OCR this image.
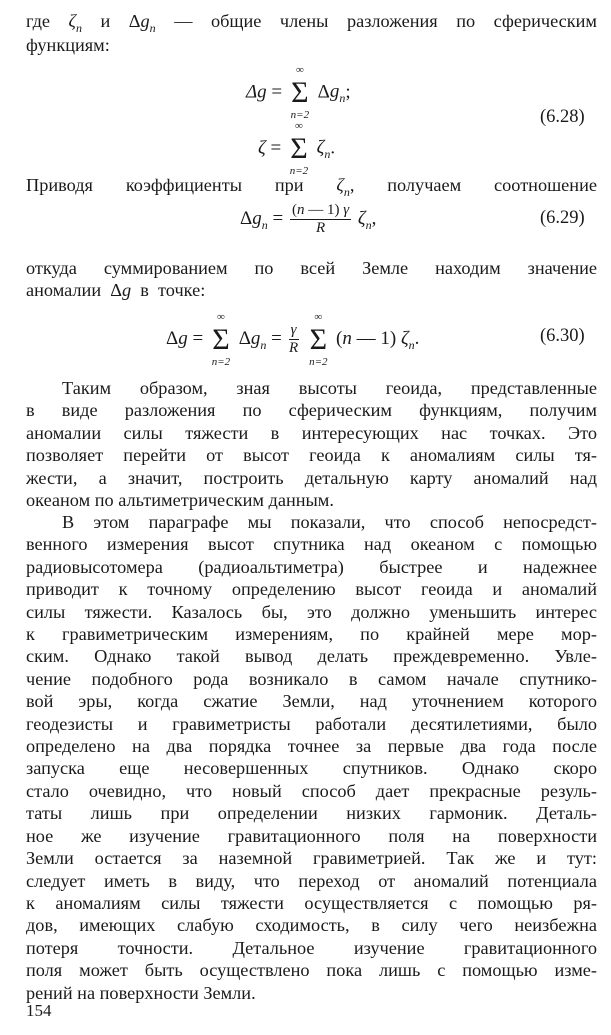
где $\zeta_n$ и $\Delta g_n$ — общие члены разложения по сферическим
функциям:
Δg =
∞
Σ
n=2
$\Delta g_n$;
ζ =
∞
Σ
n=2
$\zeta_n$.
(6.28)
Приводя коэффициенты при $\zeta_n$, получаем соотношение
$\Delta g_n = \frac{(n — 1) \gamma}{R} \zeta_n$,	(6.29)
откуда суммированием по всей Земле находим значение
аномалии  Δg  в  точке:
Δg =
∞
Σ
n=2
$\Delta g_n = \frac{\gamma}{R}$

∞
Σ
n=2
(n — 1) $\zeta_n$.	(6.30)
Таким образом, зная высоты геоида, представленные
в виде разложения по сферическим функциям, получим
аномалии силы тяжести в интересующих нас точках. Это
позволяет перейти от высот геоида к аномалиям силы тя-
жести, а значит, построить детальную карту аномалий над
океаном по альтиметрическим данным.
В этом параграфе мы показали, что способ непосредст-
венного измерения высот спутника над океаном с помощью
радиовысотомера (радиоальтиметра) быстрее и надежнее
приводит к точному определению высот геоида и аномалий
силы тяжести. Казалось бы, это должно уменьшить интерес
к гравиметрическим измерениям, по крайней мере мор-
ским. Однако такой вывод делать преждевременно. Увле-
чение подобного рода возникало в самом начале спутнико-
вой эры, когда сжатие Земли, над уточнением которого
геодезисты и гравиметристы работали десятилетиями, было
определено на два порядка точнее за первые два года после
запуска еще несовершенных спутников. Однако скоро
стало очевидно, что новый способ дает прекрасные резуль-
таты лишь при определении низких гармоник. Деталь-
ное же изучение гравитационного поля на поверхности
Земли остается за наземной гравиметрией. Так же и тут:
следует иметь в виду, что переход от аномалий потенциала
к аномалиям силы тяжести осуществляется с помощью ря-
дов, имеющих слабую сходимость, в силу чего неизбежна
потеря точности. Детальное изучение гравитационного
поля может быть осуществлено пока лишь с помощью изме-
рений на поверхности Земли.
154
